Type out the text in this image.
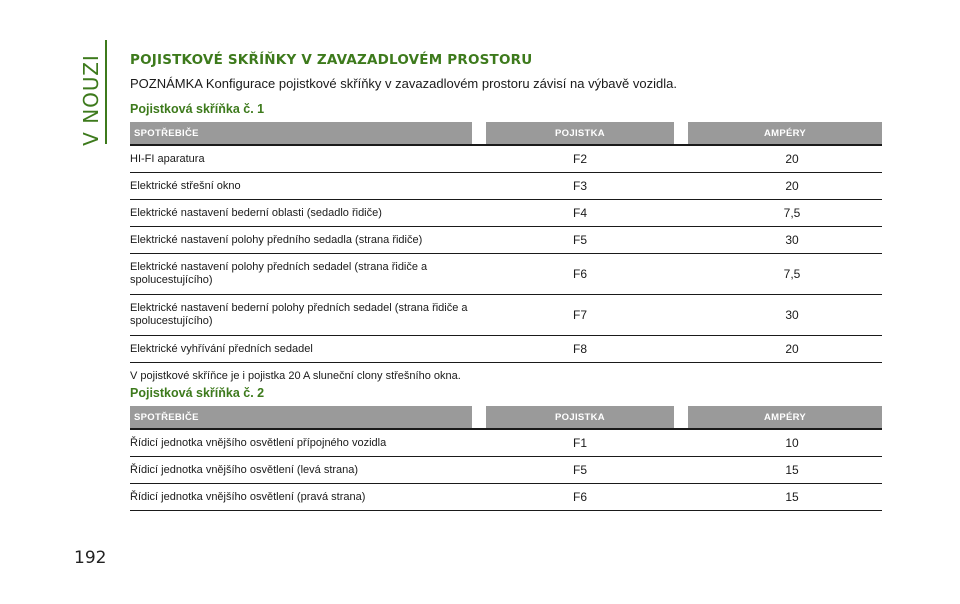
V NOUZI
192
POJISTKOVÉ SKŘÍŇKY V ZAVAZADLOVÉM PROSTORU
POZNÁMKA Konfigurace pojistkové skříňky v zavazadlovém prostoru závisí na výbavě vozidla.
Pojistková skříňka č. 1
SPOTŘEBIČE	POJISTKA	AMPÉRY
HI-FI aparatura	F2	20
Elektrické střešní okno	F3	20
Elektrické nastavení bederní oblasti (sedadlo řidiče)	F4	7,5
Elektrické nastavení polohy předního sedadla (strana řidiče)	F5	30
Elektrické nastavení polohy předních sedadel (strana řidiče a spolucestujícího)	F6	7,5
Elektrické nastavení bederní polohy předních sedadel (strana řidiče a spolucestujícího)	F7	30
Elektrické vyhřívání předních sedadel	F8	20
V pojistkové skříňce je i pojistka 20 A sluneční clony střešního okna.
Pojistková skříňka č. 2
SPOTŘEBIČE	POJISTKA	AMPÉRY
Řídicí jednotka vnějšího osvětlení přípojného vozidla	F1	10
Řídicí jednotka vnějšího osvětlení (levá strana)	F5	15
Řídicí jednotka vnějšího osvětlení (pravá strana)	F6	15
